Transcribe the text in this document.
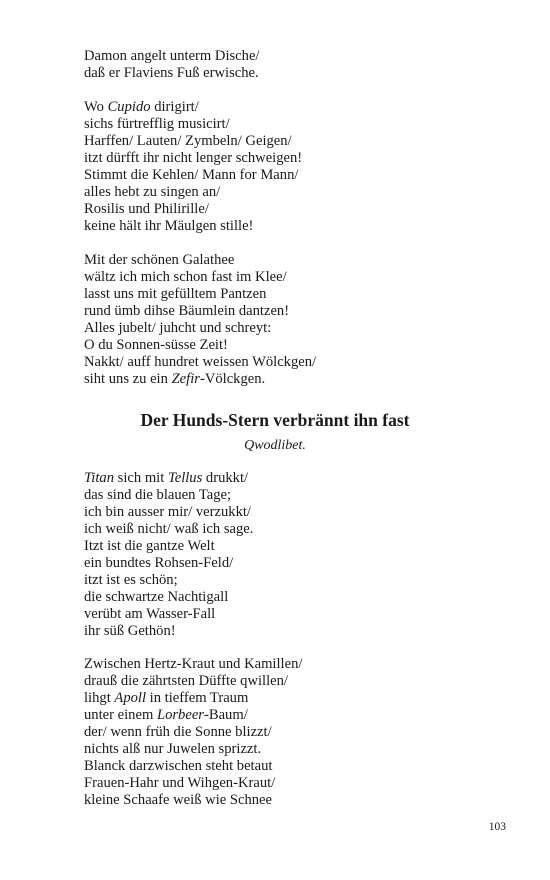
Damon angelt unterm Dische/
daß er Flaviens Fuß erwische.
Wo Cupido dirigirt/
sichs fürtrefflig musicirt/
Harffen/ Lauten/ Zymbeln/ Geigen/
itzt dürfft ihr nicht lenger schweigen!
Stimmt die Kehlen/ Mann for Mann/
alles hebt zu singen an/
Rosilis und Philirille/
keine hält ihr Mäulgen stille!
Mit der schönen Galathee
wältz ich mich schon fast im Klee/
lasst uns mit gefülltem Pantzen
rund ümb dihse Bäumlein dantzen!
Alles jubelt/ juhcht und schreyt:
O du Sonnen-süsse Zeit!
Nakkt/ auff hundret weissen Wölckgen/
siht uns zu ein Zefir-Völckgen.
Der Hunds-Stern verbrännt ihn fast
Qwodlibet.
Titan sich mit Tellus drukkt/
das sind die blauen Tage;
ich bin ausser mir/ verzukkt/
ich weiß nicht/ waß ich sage.
Itzt ist die gantze Welt
ein bundtes Rohsen-Feld/
itzt ist es schön;
die schwartze Nachtigall
verübt am Wasser-Fall
ihr süß Gethön!
Zwischen Hertz-Kraut und Kamillen/
drauß die zährtsten Düffte qwillen/
lihgt Apoll in tieffem Traum
unter einem Lorbeer-Baum/
der/ wenn früh die Sonne blizzt/
nichts alß nur Juwelen sprizzt.
Blanck darzwischen steht betaut
Frauen-Hahr und Wihgen-Kraut/
kleine Schaafe weiß wie Schnee
103
